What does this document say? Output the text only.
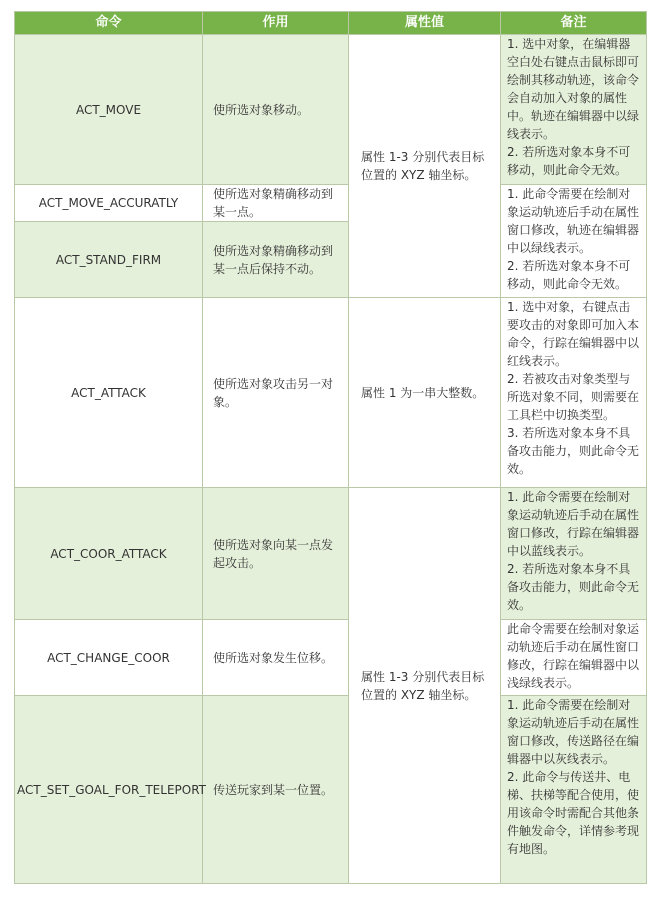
命令	作用	属性值	备注
ACT_MOVE	使所选对象移动。	属性 1-3 分别代表目标位置的 XYZ 轴坐标。	1. 选中对象，在编辑器空白处右键点击鼠标即可绘制其移动轨迹，该命令会自动加入对象的属性中。轨迹在编辑器中以绿线表示。
2. 若所选对象本身不可移动，则此命令无效。

ACT_MOVE_ACCURATLY	使所选对象精确移动到某一点。		1. 此命令需要在绘制对象运动轨迹后手动在属性窗口修改，轨迹在编辑器中以绿线表示。
2. 若所选对象本身不可移动，则此命令无效。

ACT_STAND_FIRM	使所选对象精确移动到某一点后保持不动。		
ACT_ATTACK	使所选对象攻击另一对象。	属性 1 为一串大整数。	1. 选中对象，右键点击要攻击的对象即可加入本命令，行踪在编辑器中以红线表示。
2. 若被攻击对象类型与所选对象不同，则需要在工具栏中切换类型。
3. 若所选对象本身不具备攻击能力，则此命令无效。

ACT_COOR_ATTACK	使所选对象向某一点发起攻击。	属性 1-3 分别代表目标位置的 XYZ 轴坐标。	1. 此命令需要在绘制对象运动轨迹后手动在属性窗口修改，行踪在编辑器中以蓝线表示。
2. 若所选对象本身不具备攻击能力，则此命令无效。

ACT_CHANGE_COOR	使所选对象发生位移。		此命令需要在绘制对象运动轨迹后手动在属性窗口修改，行踪在编辑器中以浅绿线表示。

ACT_SET_GOAL_FOR_TELEPORT	传送玩家到某一位置。		1. 此命令需要在绘制对象运动轨迹后手动在属性窗口修改，传送路径在编辑器中以灰线表示。
2. 此命令与传送井、电梯、扶梯等配合使用，使用该命令时需配合其他条件触发命令，详情参考现有地图。
